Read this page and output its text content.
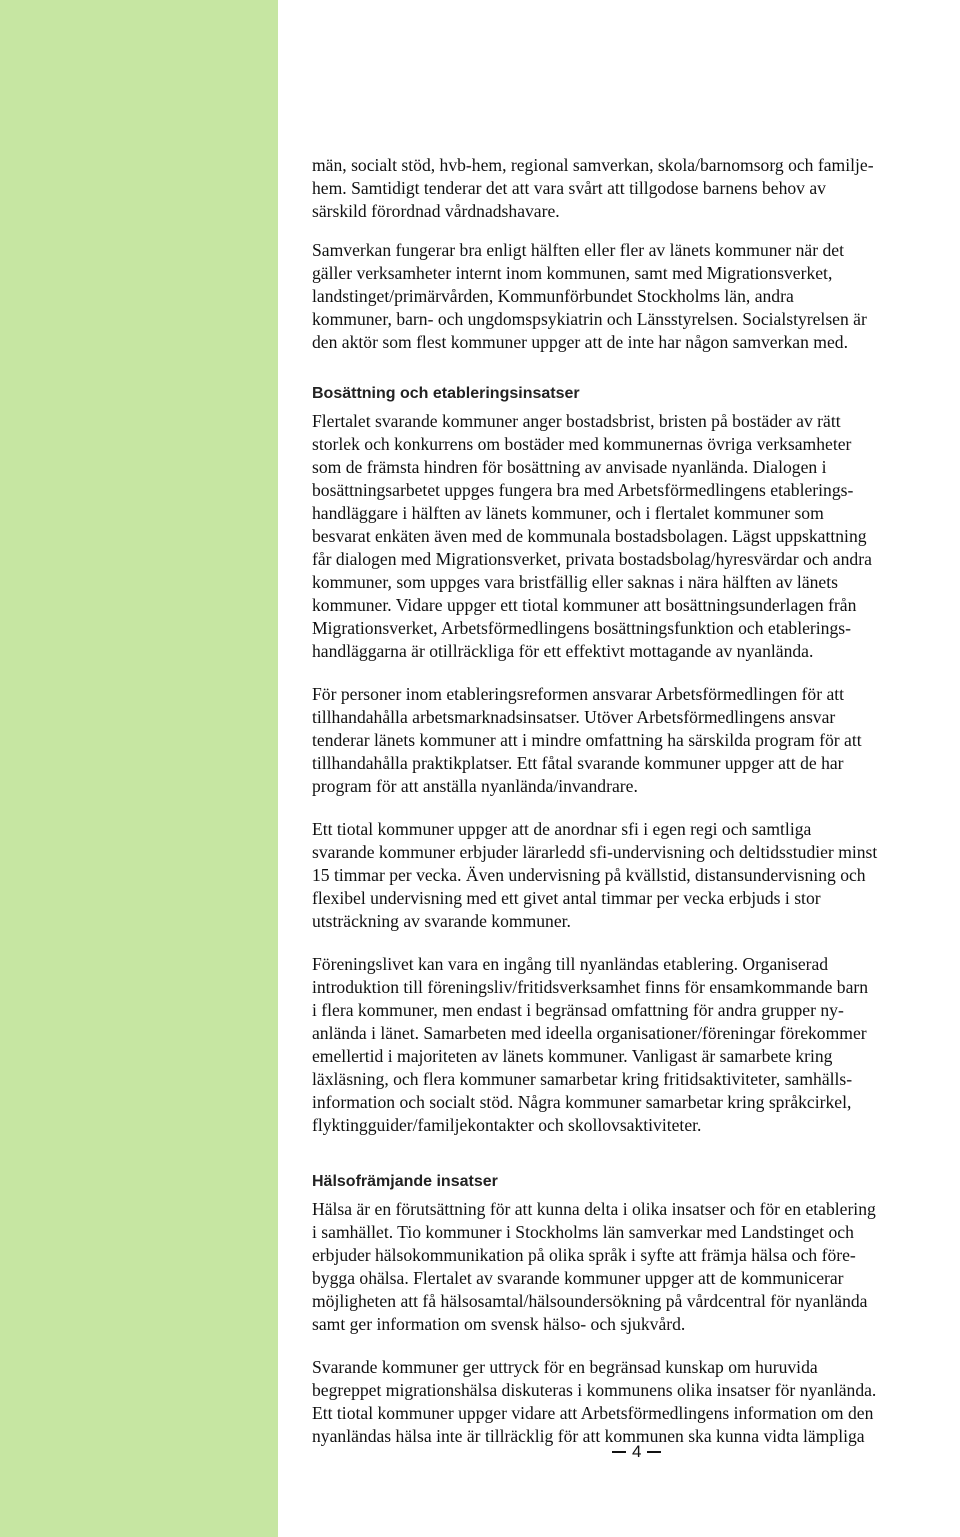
män, socialt stöd, hvb-hem, regional samverkan, skola/barnomsorg och familje-
hem. Samtidigt tenderar det att vara svårt att tillgodose barnens behov av
särskild förordnad vårdnadshavare.

Samverkan fungerar bra enligt hälften eller fler av länets kommuner när det
gäller verksamheter internt inom kommunen, samt med Migrationsverket,
landstinget/primärvården, Kommunförbundet Stockholms län, andra
kommuner, barn- och ungdomspsykiatrin och Länsstyrelsen. Socialstyrelsen är
den aktör som flest kommuner uppger att de inte har någon samverkan med.

Bosättning och etableringsinsatser

Flertalet svarande kommuner anger bostadsbrist, bristen på bostäder av rätt
storlek och konkurrens om bostäder med kommunernas övriga verksamheter
som de främsta hindren för bosättning av anvisade nyanlända. Dialogen i
bosättningsarbetet uppges fungera bra med Arbetsförmedlingens etablerings-
handläggare i hälften av länets kommuner, och i flertalet kommuner som
besvarat enkäten även med de kommunala bostadsbolagen. Lägst uppskattning
får dialogen med Migrationsverket, privata bostadsbolag/hyresvärdar och andra
kommuner, som uppges vara bristfällig eller saknas i nära hälften av länets
kommuner. Vidare uppger ett tiotal kommuner att bosättningsunderlagen från
Migrationsverket, Arbetsförmedlingens bosättningsfunktion och etablerings-
handläggarna är otillräckliga för ett effektivt mottagande av nyanlända.

För personer inom etableringsreformen ansvarar Arbetsförmedlingen för att
tillhandahålla arbetsmarknadsinsatser. Utöver Arbetsförmedlingens ansvar
tenderar länets kommuner att i mindre omfattning ha särskilda program för att
tillhandahålla praktikplatser. Ett fåtal svarande kommuner uppger att de har
program för att anställa nyanlända/invandrare.

Ett tiotal kommuner uppger att de anordnar sfi i egen regi och samtliga
svarande kommuner erbjuder lärarledd sfi-undervisning och deltidsstudier minst
15 timmar per vecka. Även undervisning på kvällstid, distansundervisning och
flexibel undervisning med ett givet antal timmar per vecka erbjuds i stor
utsträckning av svarande kommuner.

Föreningslivet kan vara en ingång till nyanländas etablering. Organiserad
introduktion till föreningsliv/fritidsverksamhet finns för ensamkommande barn
i flera kommuner, men endast i begränsad omfattning för andra grupper ny-
anlända i länet. Samarbeten med ideella organisationer/föreningar förekommer
emellertid i majoriteten av länets kommuner. Vanligast är samarbete kring
läxläsning, och flera kommuner samarbetar kring fritidsaktiviteter, samhälls-
information och socialt stöd. Några kommuner samarbetar kring språkcirkel,
flyktingguider/familjekontakter och skollovsaktiviteter.

Hälsofrämjande insatser

Hälsa är en förutsättning för att kunna delta i olika insatser och för en etablering
i samhället. Tio kommuner i Stockholms län samverkar med Landstinget och
erbjuder hälsokommunikation på olika språk i syfte att främja hälsa och före-
bygga ohälsa. Flertalet av svarande kommuner uppger att de kommunicerar
möjligheten att få hälsosamtal/hälsoundersökning på vårdcentral för nyanlända
samt ger information om svensk hälso- och sjukvård.

Svarande kommuner ger uttryck för en begränsad kunskap om huruvida
begreppet migrationshälsa diskuteras i kommunens olika insatser för nyanlända.
Ett tiotal kommuner uppger vidare att Arbetsförmedlingens information om den
nyanländas hälsa inte är tillräcklig för att kommunen ska kunna vidta lämpliga

4
